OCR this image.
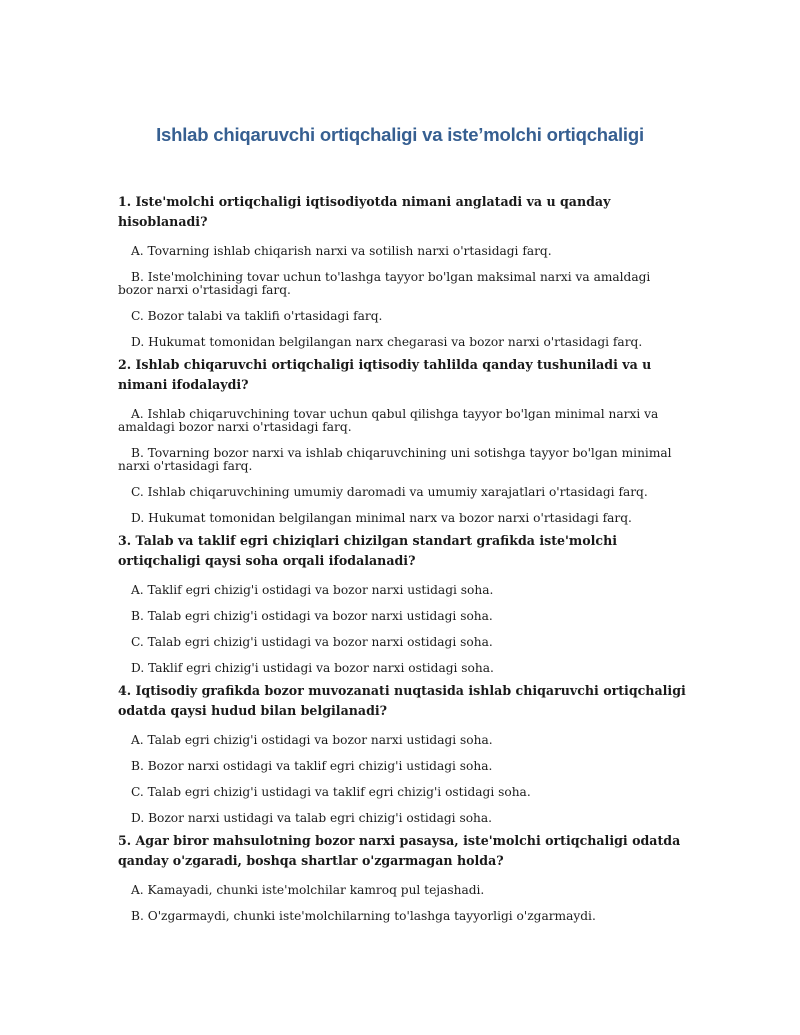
Ishlab chiqaruvchi ortiqchaligi va iste’molchi ortiqchaligi

1. Iste'molchi ortiqchaligi iqtisodiyotda nimani anglatadi va u qanday hisoblanadi?

A. Tovarning ishlab chiqarish narxi va sotilish narxi o'rtasidagi farq.

B. Iste'molchining tovar uchun to'lashga tayyor bo'lgan maksimal narxi va amaldagi bozor narxi o'rtasidagi farq.

C. Bozor talabi va taklifi o'rtasidagi farq.

D. Hukumat tomonidan belgilangan narx chegarasi va bozor narxi o'rtasidagi farq.

2. Ishlab chiqaruvchi ortiqchaligi iqtisodiy tahlilda qanday tushuniladi va u nimani ifodalaydi?

A. Ishlab chiqaruvchining tovar uchun qabul qilishga tayyor bo'lgan minimal narxi va amaldagi bozor narxi o'rtasidagi farq.

B. Tovarning bozor narxi va ishlab chiqaruvchining uni sotishga tayyor bo'lgan minimal narxi o'rtasidagi farq.

C. Ishlab chiqaruvchining umumiy daromadi va umumiy xarajatlari o'rtasidagi farq.

D. Hukumat tomonidan belgilangan minimal narx va bozor narxi o'rtasidagi farq.

3. Talab va taklif egri chiziqlari chizilgan standart grafikda iste'molchi ortiqchaligi qaysi soha orqali ifodalanadi?

A. Taklif egri chizig'i ostidagi va bozor narxi ustidagi soha.

B. Talab egri chizig'i ostidagi va bozor narxi ustidagi soha.

C. Talab egri chizig'i ustidagi va bozor narxi ostidagi soha.

D. Taklif egri chizig'i ustidagi va bozor narxi ostidagi soha.

4. Iqtisodiy grafikda bozor muvozanati nuqtasida ishlab chiqaruvchi ortiqchaligi odatda qaysi hudud bilan belgilanadi?

A. Talab egri chizig'i ostidagi va bozor narxi ustidagi soha.

B. Bozor narxi ostidagi va taklif egri chizig'i ustidagi soha.

C. Talab egri chizig'i ustidagi va taklif egri chizig'i ostidagi soha.

D. Bozor narxi ustidagi va talab egri chizig'i ostidagi soha.

5. Agar biror mahsulotning bozor narxi pasaysa, iste'molchi ortiqchaligi odatda qanday o'zgaradi, boshqa shartlar o'zgarmagan holda?

A. Kamayadi, chunki iste'molchilar kamroq pul tejashadi.

B. O'zgarmaydi, chunki iste'molchilarning to'lashga tayyorligi o'zgarmaydi.
